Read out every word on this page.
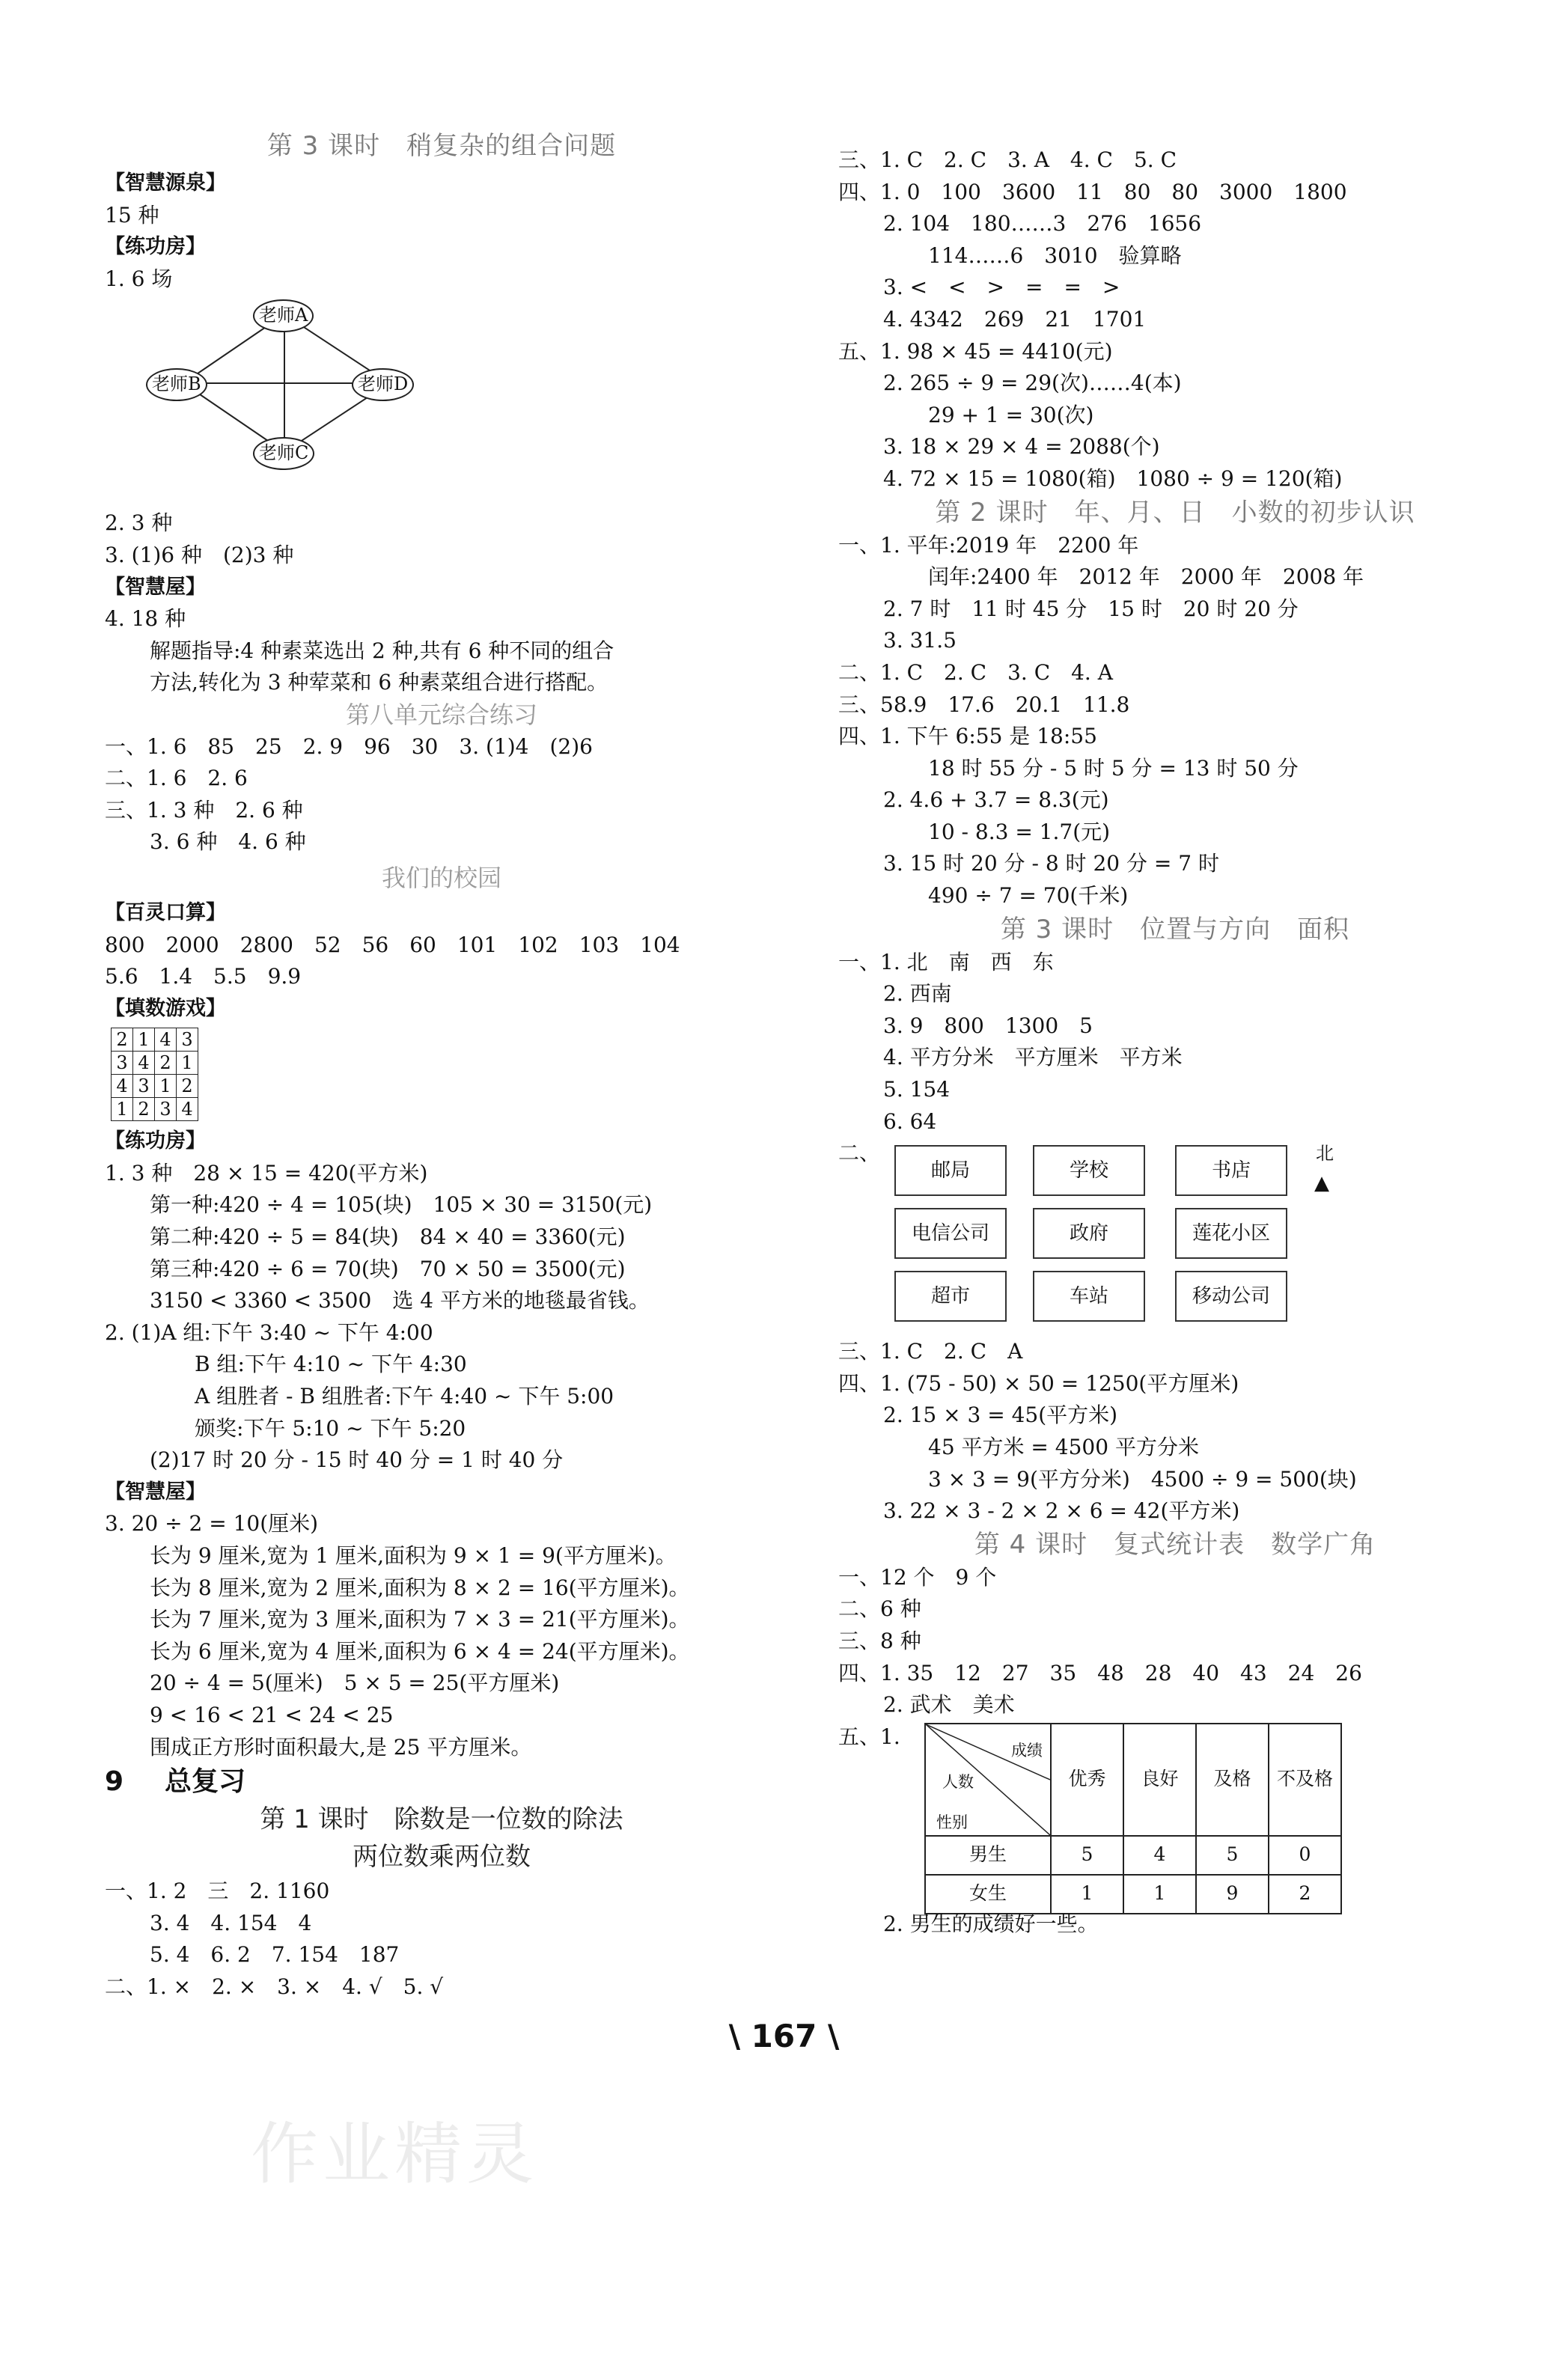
第 3 课时　稍复杂的组合问题
【智慧源泉】
15 种
【练功房】
1. 6 场
老师A
老师B	老师D
老师C
2. 3 种
3. (1)6 种　(2)3 种
【智慧屋】
4. 18 种
解题指导:4 种素菜选出 2 种,共有 6 种不同的组合
方法,转化为 3 种荤菜和 6 种素菜组合进行搭配。
第八单元综合练习
一、1. 6　85　25　2. 9　96　30　3. (1)4　(2)6
二、1. 6　2. 6
三、1. 3 种　2. 6 种
3. 6 种　4. 6 种
我们的校园
【百灵口算】
800　2000　2800　52　56　60　101　102　103　104
5.6　1.4　5.5　9.9
【填数游戏】
2	1	4	3
3	4	2	1
4	3	1	2
1	2	3	4
【练功房】
1. 3 种　28 × 15 = 420(平方米)
第一种:420 ÷ 4 = 105(块)　105 × 30 = 3150(元)
第二种:420 ÷ 5 = 84(块)　84 × 40 = 3360(元)
第三种:420 ÷ 6 = 70(块)　70 × 50 = 3500(元)
3150 < 3360 < 3500　选 4 平方米的地毯最省钱。
2. (1)A 组:下午 3:40 ~ 下午 4:00
B 组:下午 4:10 ~ 下午 4:30
A 组胜者 - B 组胜者:下午 4:40 ~ 下午 5:00
颁奖:下午 5:10 ~ 下午 5:20
(2)17 时 20 分 - 15 时 40 分 = 1 时 40 分
【智慧屋】
3. 20 ÷ 2 = 10(厘米)
长为 9 厘米,宽为 1 厘米,面积为 9 × 1 = 9(平方厘米)。
长为 8 厘米,宽为 2 厘米,面积为 8 × 2 = 16(平方厘米)。
长为 7 厘米,宽为 3 厘米,面积为 7 × 3 = 21(平方厘米)。
长为 6 厘米,宽为 4 厘米,面积为 6 × 4 = 24(平方厘米)。
20 ÷ 4 = 5(厘米)　5 × 5 = 25(平方厘米)
9 < 16 < 21 < 24 < 25
围成正方形时面积最大,是 25 平方厘米。
9 总复习
第 1 课时　除数是一位数的除法
两位数乘两位数
一、1. 2　三　2. 1160
3. 4　4. 154　4
5. 4　6. 2　7. 154　187
二、1. ×　2. ×　3. ×　4. √　5. √
三、1. C　2. C　3. A　4. C　5. C
四、1. 0　100　3600　11　80　80　3000　1800
2. 104　180……3　276　1656
114……6　3010　验算略
3. <　<　>　=　=　>
4. 4342　269　21　1701
五、1. 98 × 45 = 4410(元)
2. 265 ÷ 9 = 29(次)……4(本)
29 + 1 = 30(次)
3. 18 × 29 × 4 = 2088(个)
4. 72 × 15 = 1080(箱)　1080 ÷ 9 = 120(箱)
第 2 课时　年、月、日　小数的初步认识
一、1. 平年:2019 年　2200 年
闰年:2400 年　2012 年　2000 年　2008 年
2. 7 时　11 时 45 分　15 时　20 时 20 分
3. 31.5
二、1. C　2. C　3. C　4. A
三、58.9　17.6　20.1　11.8
四、1. 下午 6:55 是 18:55
18 时 55 分 - 5 时 5 分 = 13 时 50 分
2. 4.6 + 3.7 = 8.3(元)
10 - 8.3 = 1.7(元)
3. 15 时 20 分 - 8 时 20 分 = 7 时
490 ÷ 7 = 70(千米)
第 3 课时　位置与方向　面积
一、1. 北　南　西　东
2. 西南
3. 9　800　1300　5
4. 平方分米　平方厘米　平方米
5. 154
6. 64
二、
邮局	学校	书店
电信公司	政府	莲花小区
超市	车站	移动公司
北
▲
三、1. C　2. C　A
四、1. (75 - 50) × 50 = 1250(平方厘米)
2. 15 × 3 = 45(平方米)
45 平方米 = 4500 平方分米
3 × 3 = 9(平方分米)　4500 ÷ 9 = 500(块)
3. 22 × 3 - 2 × 2 × 6 = 42(平方米)
第 4 课时　复式统计表　数学广角
一、12 个　9 个
二、6 种
三、8 种
四、1. 35　12　27　35　48　28　40　43　24　26
2. 武术　美术
五、1.
成绩
人数
性别	优秀	良好	及格	不及格
男生	5	4	5	0
女生	1	1	9	2
2. 男生的成绩好一些。
\ 167 \
作业精灵
